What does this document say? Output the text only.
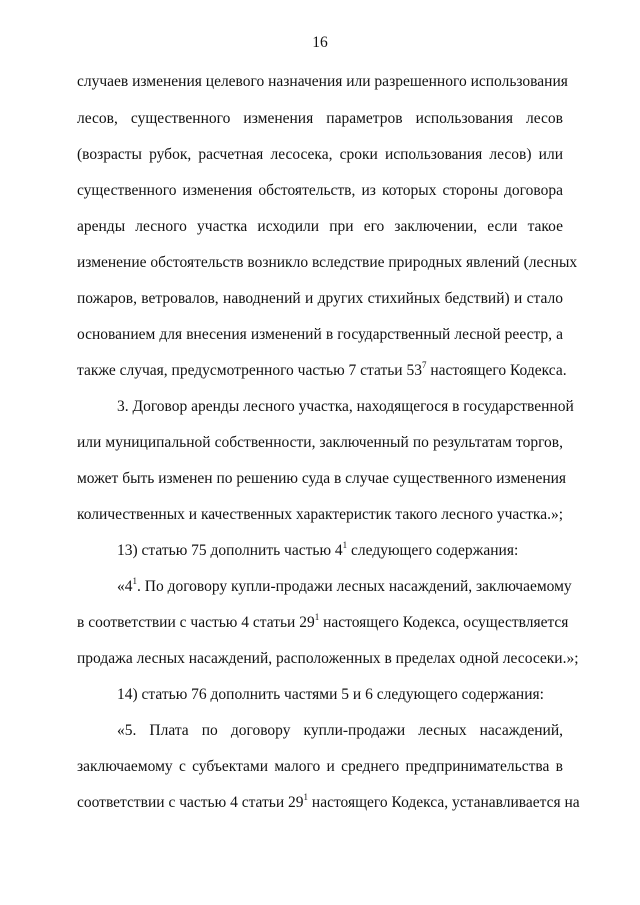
16
случаев изменения целевого назначения или разрешенного использования
лесов, существенного изменения параметров использования лесов
(возрасты рубок, расчетная лесосека, сроки использования лесов) или
существенного изменения обстоятельств, из которых стороны договора
аренды лесного участка исходили при его заключении, если такое
изменение обстоятельств возникло вследствие природных явлений (лесных
пожаров, ветровалов, наводнений и других стихийных бедствий) и стало
основанием для внесения изменений в государственный лесной реестр, а
также случая, предусмотренного частью 7 статьи $53^7$ настоящего Кодекса.
3. Договор аренды лесного участка, находящегося в государственной
или муниципальной собственности, заключенный по результатам торгов,
может быть изменен по решению суда в случае существенного изменения
количественных и качественных характеристик такого лесного участка.»;
13) статью 75 дополнить частью $4^1$ следующего содержания:
«$4^1$. По договору купли-продажи лесных насаждений, заключаемому
в соответствии с частью 4 статьи $29^1$ настоящего Кодекса, осуществляется
продажа лесных насаждений, расположенных в пределах одной лесосеки.»;
14) статью 76 дополнить частями 5 и 6 следующего содержания:
«5. Плата по договору купли-продажи лесных насаждений,
заключаемому с субъектами малого и среднего предпринимательства в
соответствии с частью 4 статьи $29^1$ настоящего Кодекса, устанавливается на
